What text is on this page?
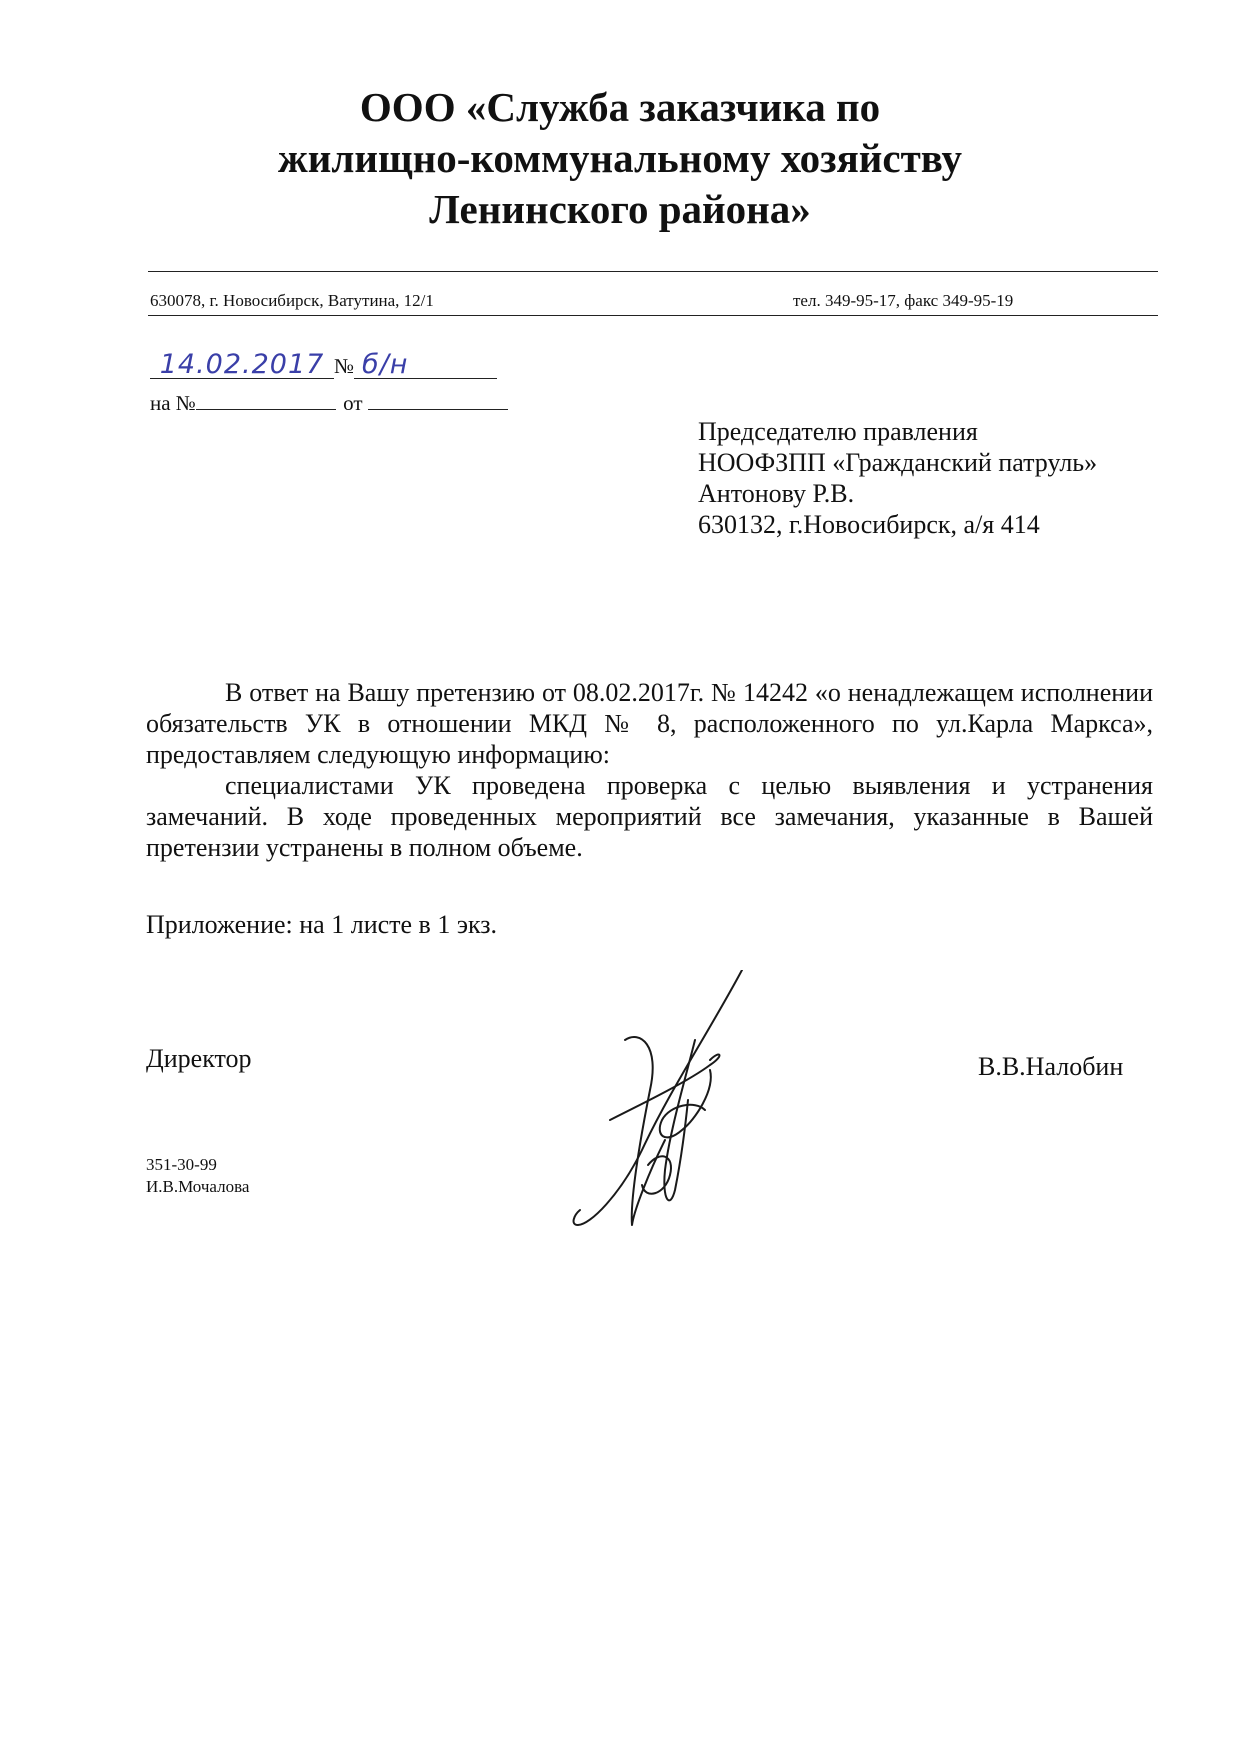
ООО «Служба заказчика по
жилищно-коммунальному хозяйству
Ленинского района»
630078, г. Новосибирск, Ватутина, 12/1	тел. 349-95-17, факс 349-95-19
14.02.2017 № б/н
на №	от
Председателю правления
НООФЗПП «Гражданский патруль»
Антонову Р.В.
630132, г.Новосибирск, а/я 414

В ответ на Вашу претензию от 08.02.2017г. № 14242 «о ненадлежащем исполнении обязательств УК в отношении МКД № 8, расположенного по ул.Карла Маркса», предоставляем следующую информацию:

специалистами УК проведена проверка с целью выявления и устранения замечаний. В ходе проведенных мероприятий все замечания, указанные в Вашей претензии устранены в полном объеме.

Приложение: на 1 листе в 1 экз.
Директор	В.В.Налобин
351-30-99
И.В.Мочалова
